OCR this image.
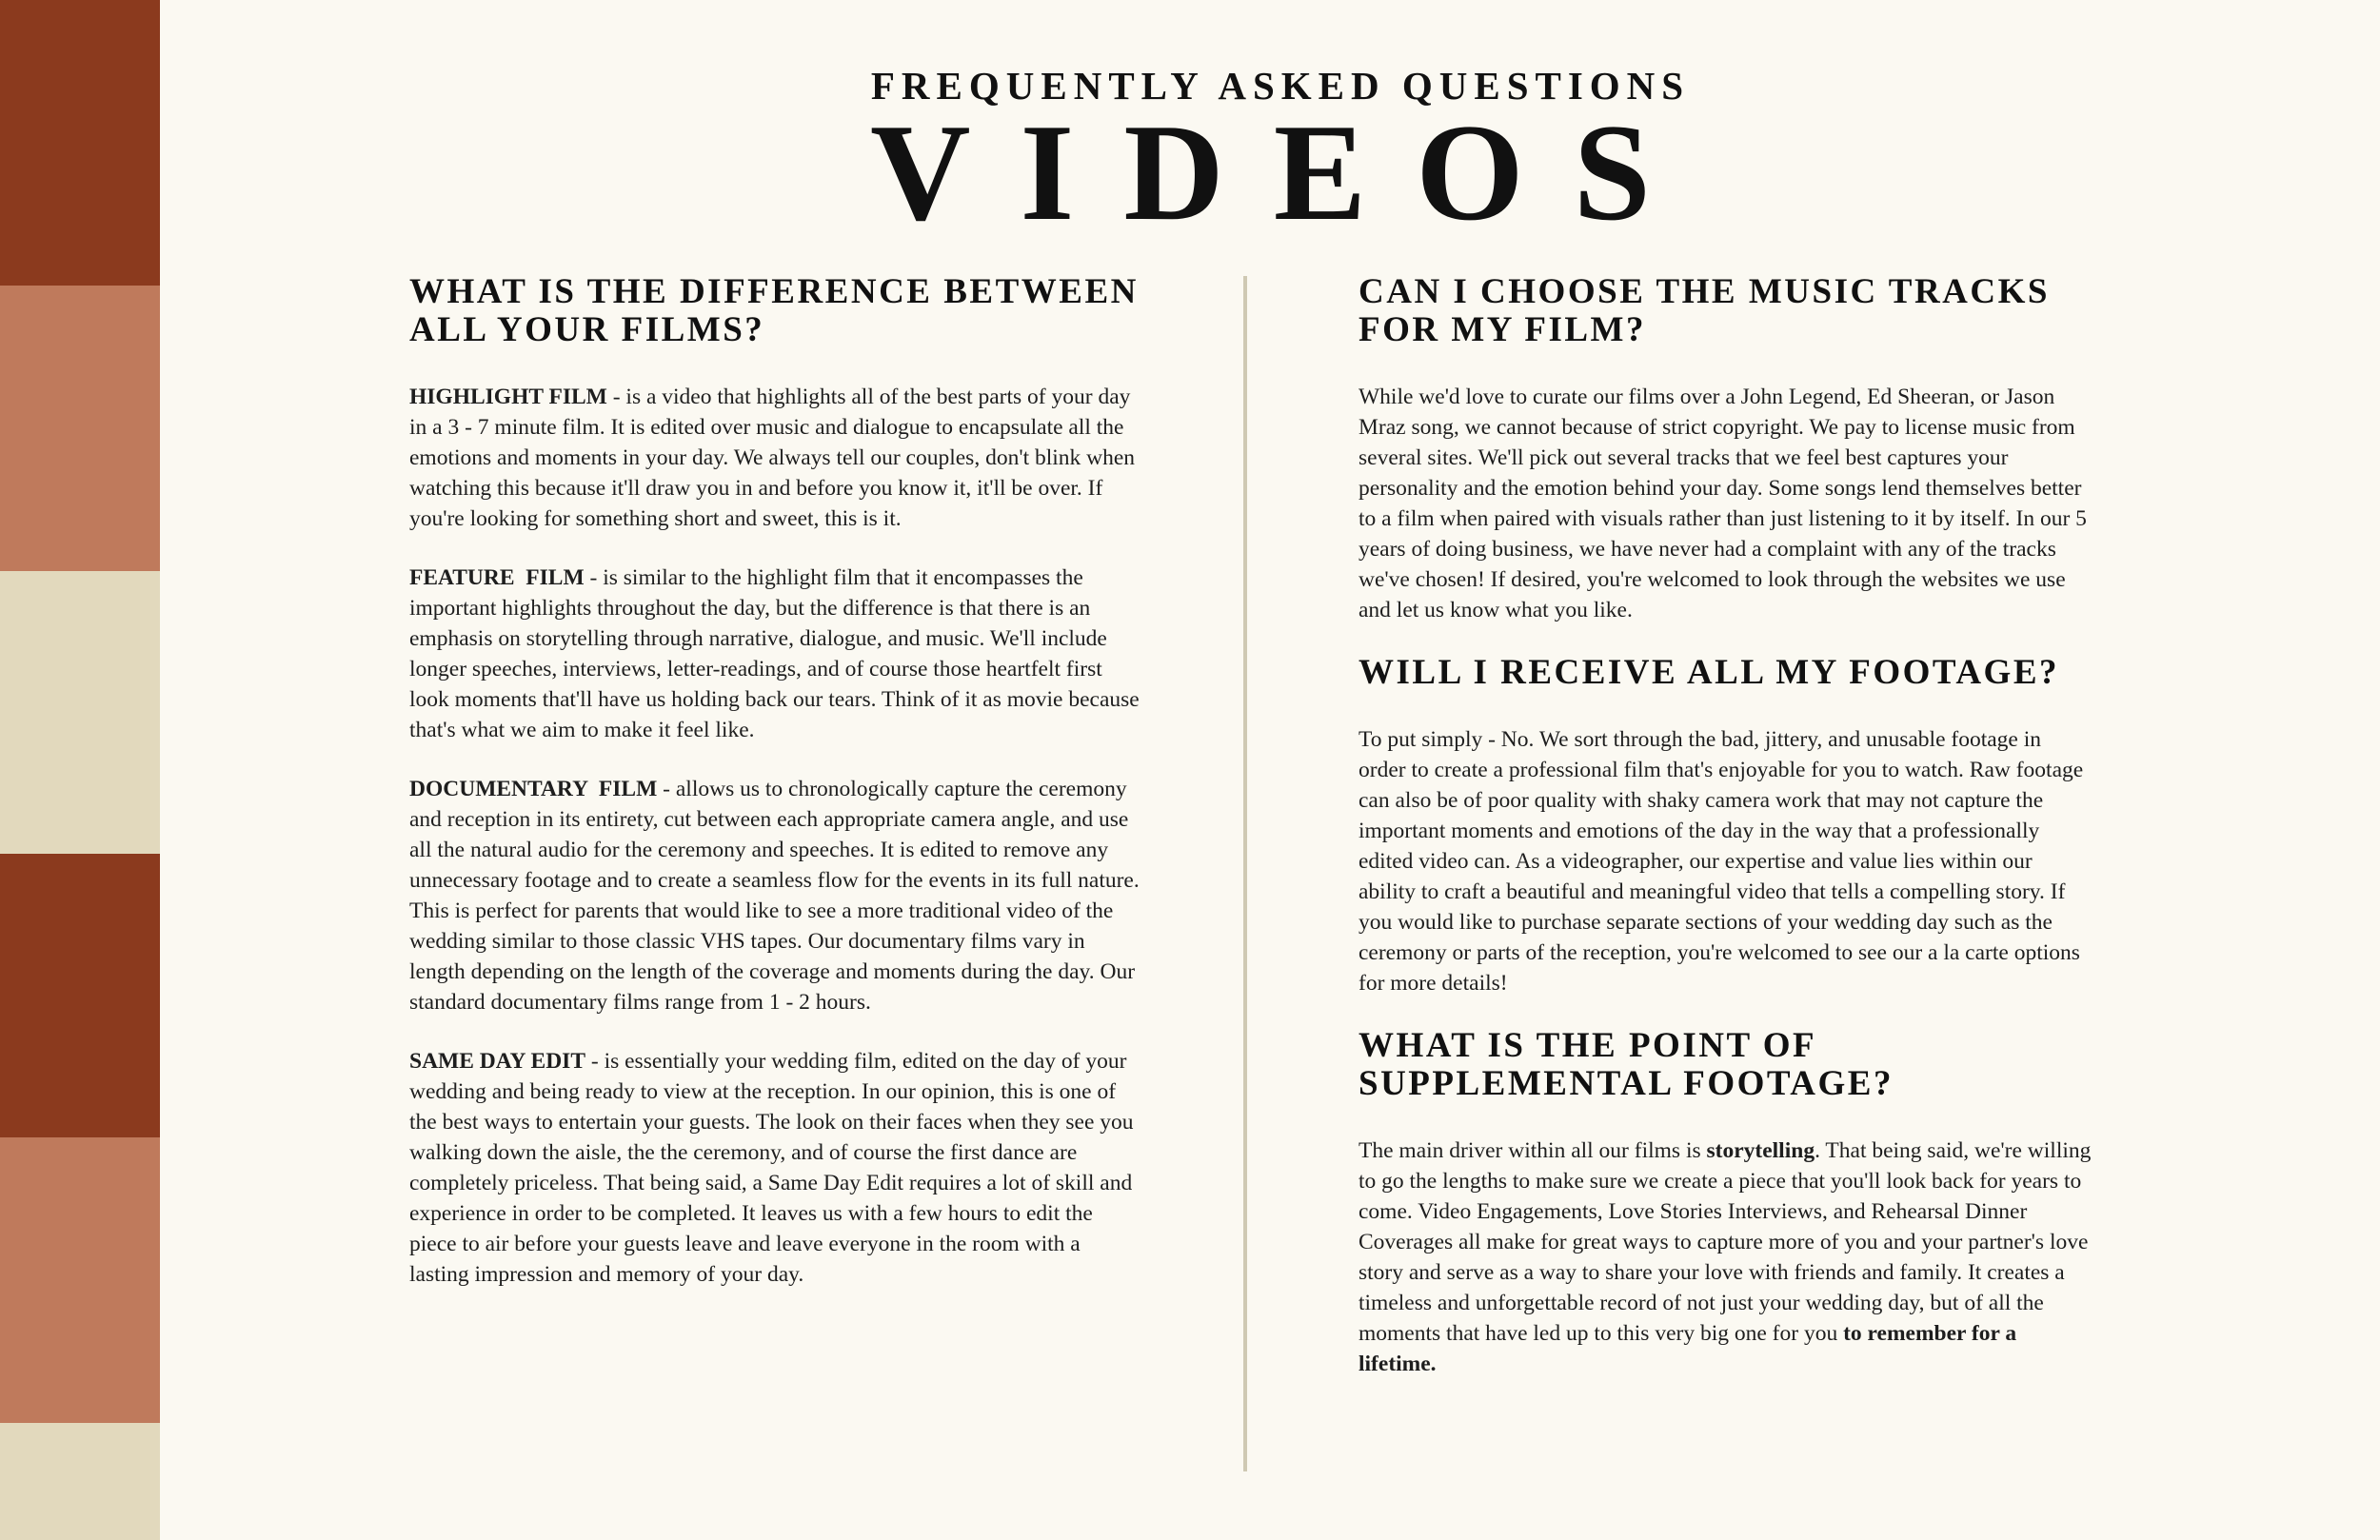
FREQUENTLY ASKED QUESTIONS
VIDEOS
WHAT IS THE DIFFERENCE BETWEEN ALL YOUR FILMS?

HIGHLIGHT FILM - is a video that highlights all of the best parts of your day in a 3 - 7 minute film. It is edited over music and dialogue to encapsulate all the emotions and moments in your day. We always tell our couples, don't blink when watching this because it'll draw you in and before you know it, it'll be over. If you're looking for something short and sweet, this is it.

FEATURE  FILM - is similar to the highlight film that it encompasses the important highlights throughout the day, but the difference is that there is an emphasis on storytelling through narrative, dialogue, and music. We'll include longer speeches, interviews, letter-readings, and of course those heartfelt first look moments that'll have us holding back our tears. Think of it as movie because that's what we aim to make it feel like.

DOCUMENTARY  FILM - allows us to chronologically capture the ceremony and reception in its entirety, cut between each appropriate camera angle, and use all the natural audio for the ceremony and speeches. It is edited to remove any unnecessary footage and to create a seamless flow for the events in its full nature. This is perfect for parents that would like to see a more traditional video of the wedding similar to those classic VHS tapes. Our documentary films vary in length depending on the length of the coverage and moments during the day. Our standard documentary films range from 1 - 2 hours.

SAME DAY EDIT - is essentially your wedding film, edited on the day of your wedding and being ready to view at the reception. In our opinion, this is one of the best ways to entertain your guests. The look on their faces when they see you walking down the aisle, the the ceremony, and of course the first dance are completely priceless. That being said, a Same Day Edit requires a lot of skill and experience in order to be completed. It leaves us with a few hours to edit the piece to air before your guests leave and leave everyone in the room with a lasting impression and memory of your day.

CAN I CHOOSE THE MUSIC TRACKS FOR MY FILM?

While we'd love to curate our films over a John Legend, Ed Sheeran, or Jason Mraz song, we cannot because of strict copyright. We pay to license music from several sites. We'll pick out several tracks that we feel best captures your personality and the emotion behind your day. Some songs lend themselves better to a film when paired with visuals rather than just listening to it by itself. In our 5 years of doing business, we have never had a complaint with any of the tracks we've chosen! If desired, you're welcomed to look through the websites we use and let us know what you like.

WILL I RECEIVE ALL MY FOOTAGE?

To put simply - No. We sort through the bad, jittery, and unusable footage in order to create a professional film that's enjoyable for you to watch. Raw footage can also be of poor quality with shaky camera work that may not capture the important moments and emotions of the day in the way that a professionally edited video can. As a videographer, our expertise and value lies within our ability to craft a beautiful and meaningful video that tells a compelling story. If you would like to purchase separate sections of your wedding day such as the ceremony or parts of the reception, you're welcomed to see our a la carte options for more details!

WHAT IS THE POINT OF SUPPLEMENTAL FOOTAGE?

The main driver within all our films is storytelling. That being said, we're willing to go the lengths to make sure we create a piece that you'll look back for years to come. Video Engagements, Love Stories Interviews, and Rehearsal Dinner Coverages all make for great ways to capture more of you and your partner's love story and serve as a way to share your love with friends and family. It creates a timeless and unforgettable record of not just your wedding day, but of all the moments that have led up to this very big one for you to remember for a lifetime.
